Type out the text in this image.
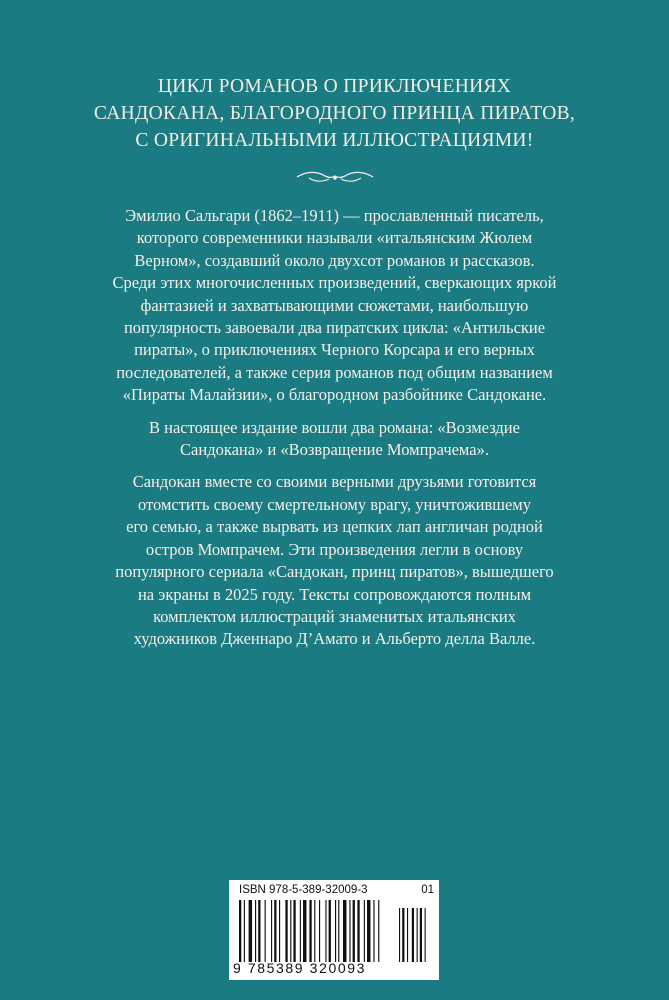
ЦИКЛ РОМАНОВ О ПРИКЛЮЧЕНИЯХ
САНДОКАНА, БЛАГОРОДНОГО ПРИНЦА ПИРАТОВ,
С ОРИГИНАЛЬНЫМИ ИЛЛЮСТРАЦИЯМИ!

Эмилио Сальгари (1862–1911) — прославленный писатель,
которого современники называли «итальянским Жюлем
Верном», создавший около двухсот романов и рассказов.
Среди этих многочисленных произведений, сверкающих яркой
фантазией и захватывающими сюжетами, наибольшую
популярность завоевали два пиратских цикла: «Антильские
пираты», о приключениях Черного Корсара и его верных
последователей, а также серия романов под общим названием
«Пираты Малайзии», о благородном разбойнике Сандокане.

В настоящее издание вошли два романа: «Возмездие
Сандокана» и «Возвращение Момпрачема».

Сандокан вместе со своими верными друзьями готовится
отомстить своему смертельному врагу, уничтожившему
его семью, а также вырвать из цепких лап англичан родной
остров Момпрачем. Эти произведения легли в основу
популярного сериала «Сандокан, принц пиратов», вышедшего
на экраны в 2025 году. Тексты сопровождаются полным
комплектом иллюстраций знаменитых итальянских
художников Дженнаро Д’Амато и Альберто делла Валле.

ISBN 978-5-389-32009-3	01
9 785389 320093
